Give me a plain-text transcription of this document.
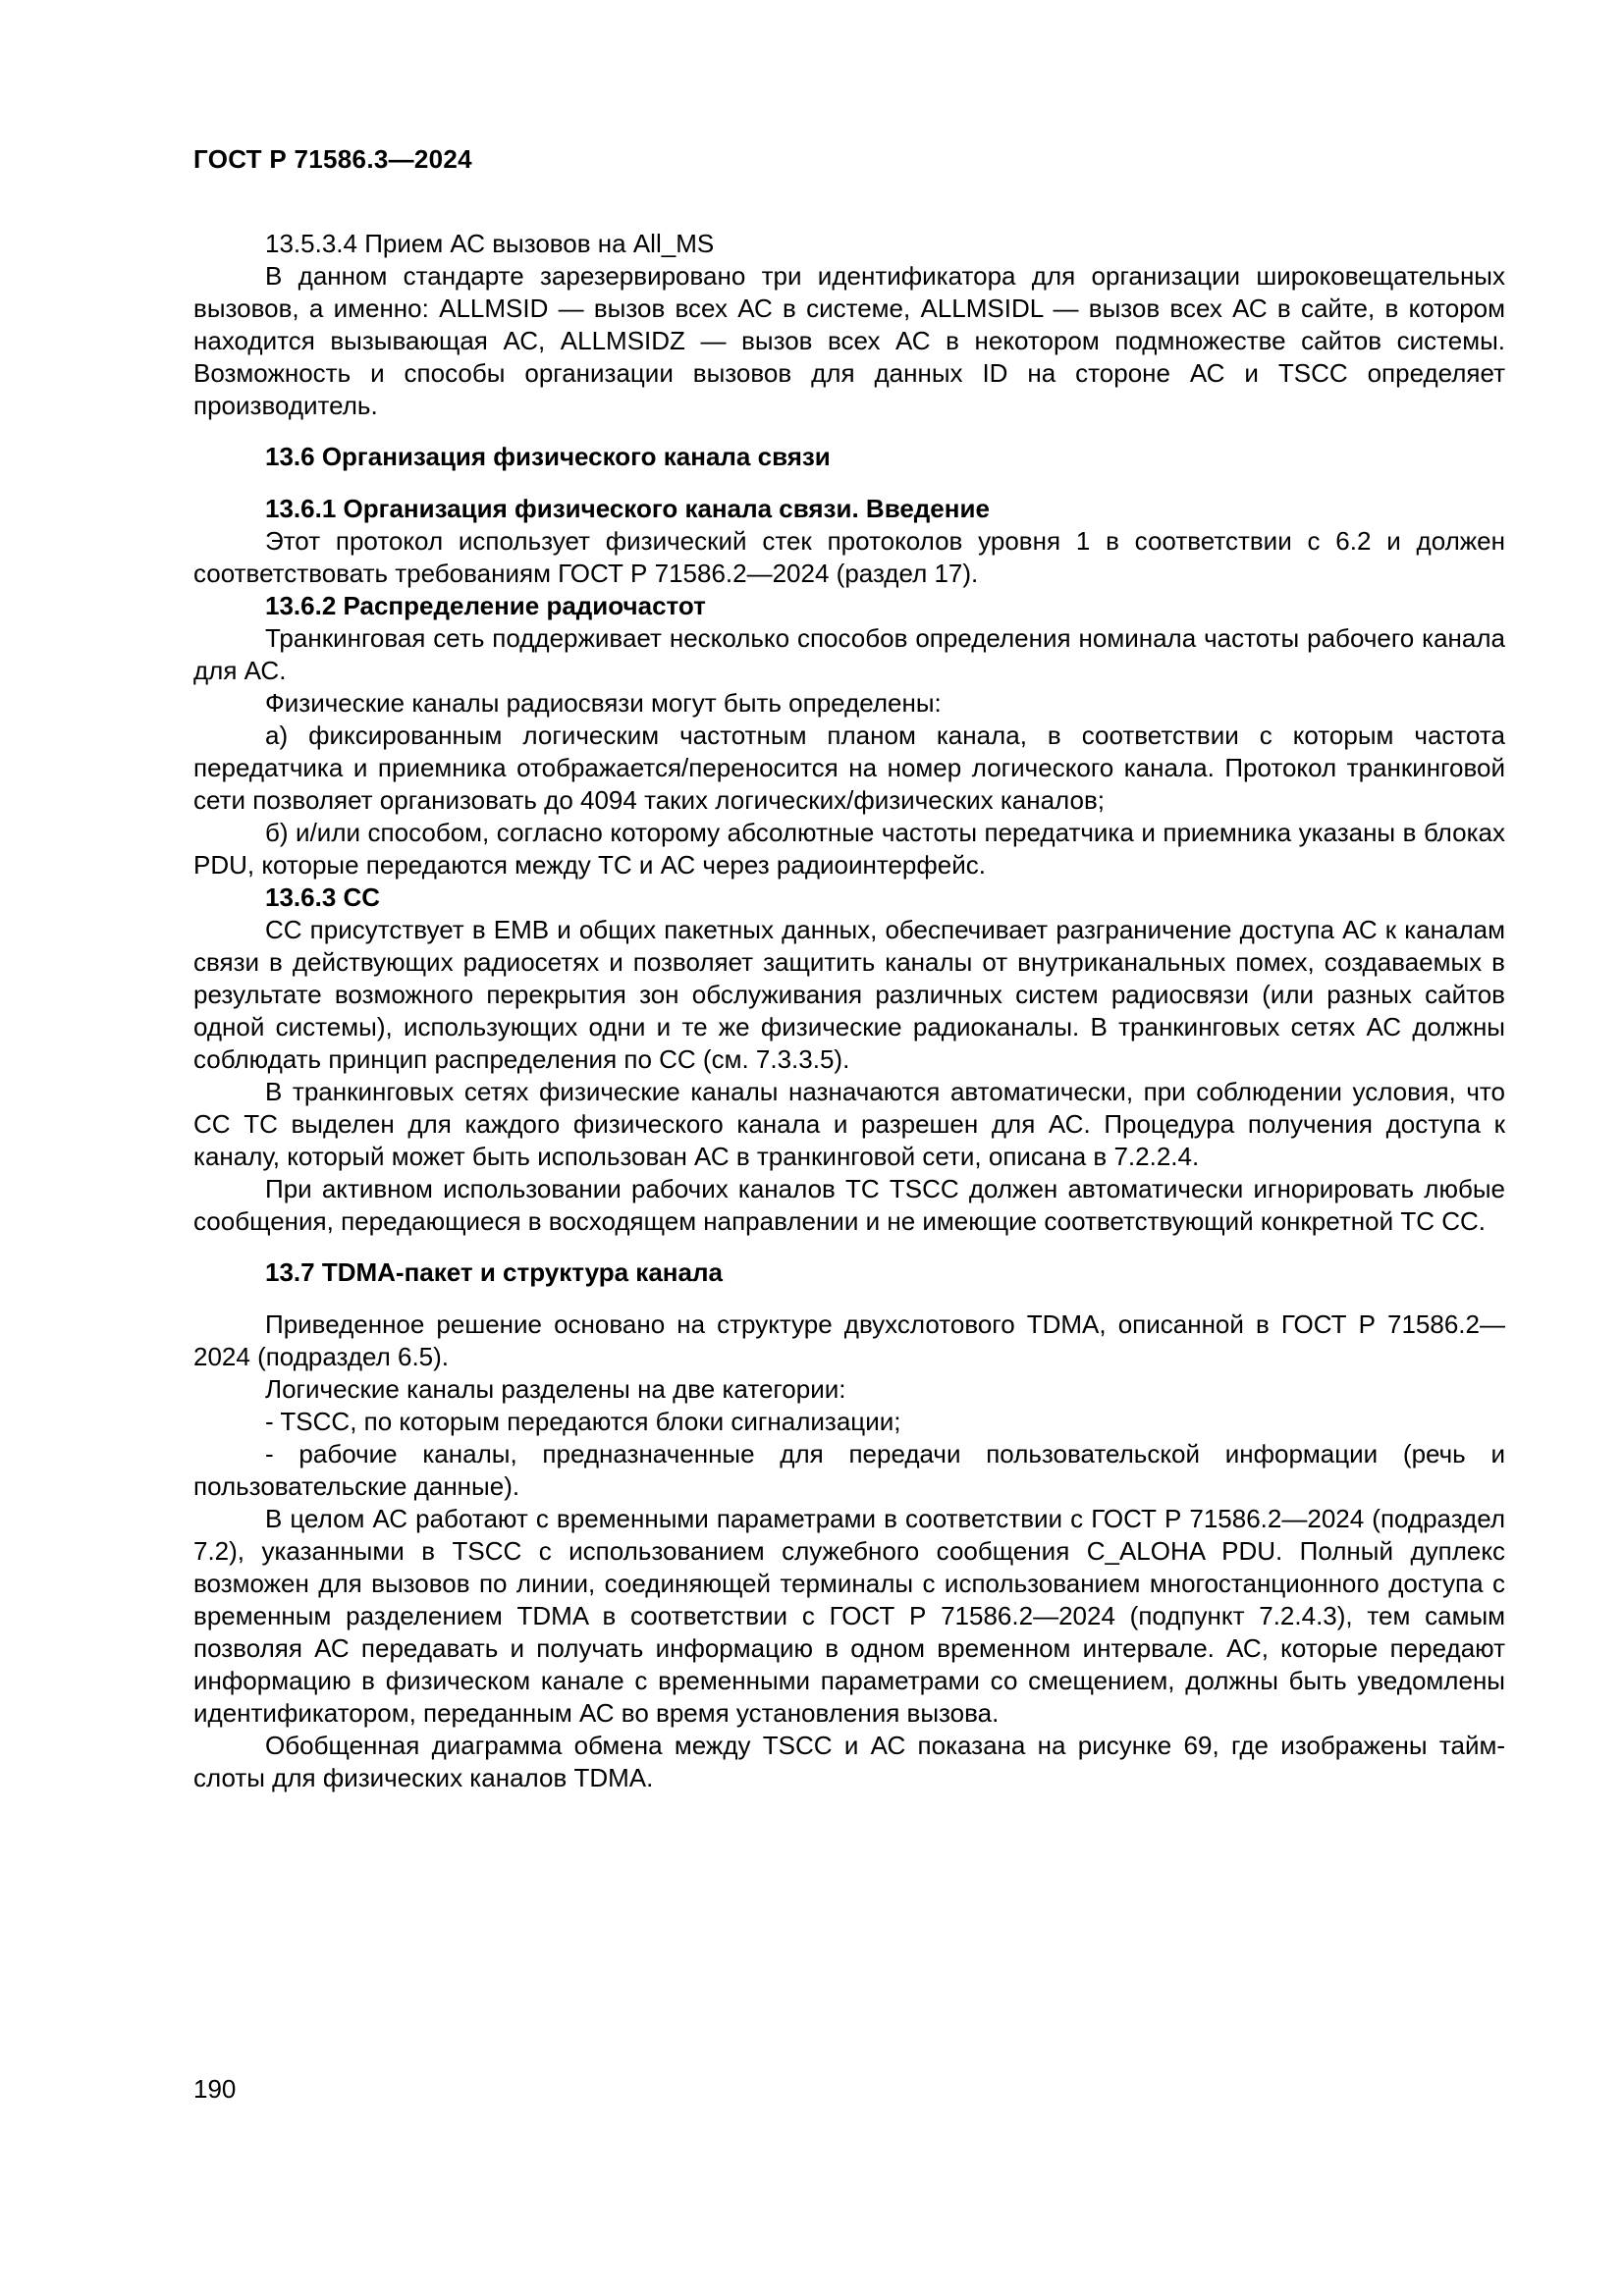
ГОСТ Р 71586.3—2024

13.5.3.4 Прием АС вызовов на All_MS

В данном стандарте зарезервировано три идентификатора для организации широковещательных вызовов, а именно: ALLMSID — вызов всех АС в системе, ALLMSIDL — вызов всех АС в сайте, в котором находится вызывающая АС, ALLMSIDZ — вызов всех АС в некотором подмножестве сайтов системы. Возможность и способы организации вызовов для данных ID на стороне АС и TSCC определяет производитель.

13.6 Организация физического канала связи

13.6.1 Организация физического канала связи. Введение

Этот протокол использует физический стек протоколов уровня 1 в соответствии с 6.2 и должен соответствовать требованиям ГОСТ Р 71586.2—2024 (раздел 17).

13.6.2 Распределение радиочастот

Транкинговая сеть поддерживает несколько способов определения номинала частоты рабочего канала для АС.

Физические каналы радиосвязи могут быть определены:

а) фиксированным логическим частотным планом канала, в соответствии с которым частота передатчика и приемника отображается/переносится на номер логического канала. Протокол транкинговой сети позволяет организовать до 4094 таких логических/физических каналов;

б) и/или способом, согласно которому абсолютные частоты передатчика и приемника указаны в блоках PDU, которые передаются между ТС и АС через радиоинтерфейс.

13.6.3 СС

СС присутствует в EMB и общих пакетных данных, обеспечивает разграничение доступа АС к каналам связи в действующих радиосетях и позволяет защитить каналы от внутриканальных помех, создаваемых в результате возможного перекрытия зон обслуживания различных систем радиосвязи (или разных сайтов одной системы), использующих одни и те же физические радиоканалы. В транкинговых сетях АС должны соблюдать принцип распределения по СС (см. 7.3.3.5).

В транкинговых сетях физические каналы назначаются автоматически, при соблюдении условия, что СС ТС выделен для каждого физического канала и разрешен для АС. Процедура получения доступа к каналу, который может быть использован АС в транкинговой сети, описана в 7.2.2.4.

При активном использовании рабочих каналов ТС TSCC должен автоматически игнорировать любые сообщения, передающиеся в восходящем направлении и не имеющие соответствующий конкретной ТС СС.

13.7 TDMA-пакет и структура канала

Приведенное решение основано на структуре двухслотового TDMA, описанной в ГОСТ Р 71586.2—2024 (подраздел 6.5).

Логические каналы разделены на две категории:

- TSCC, по которым передаются блоки сигнализации;

- рабочие каналы, предназначенные для передачи пользовательской информации (речь и пользовательские данные).

В целом АС работают с временными параметрами в соответствии с ГОСТ Р 71586.2—2024 (подраздел 7.2), указанными в TSCC с использованием служебного сообщения C_ALOHA PDU. Полный дуплекс возможен для вызовов по линии, соединяющей терминалы с использованием многостанционного доступа с временным разделением TDMA в соответствии с ГОСТ Р 71586.2—2024 (подпункт 7.2.4.3), тем самым позволяя АС передавать и получать информацию в одном временном интервале. АС, которые передают информацию в физическом канале с временными параметрами со смещением, должны быть уведомлены идентификатором, переданным АС во время установления вызова.

Обобщенная диаграмма обмена между TSCC и АС показана на рисунке 69, где изображены тайм-слоты для физических каналов TDMA.

190
